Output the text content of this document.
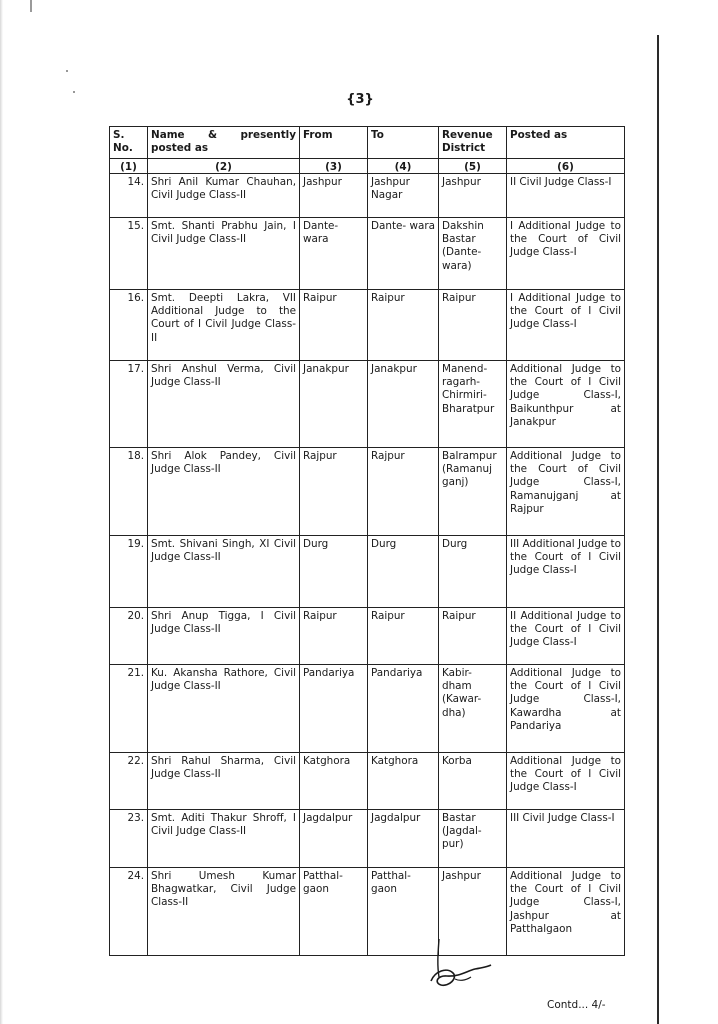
{3}
S. No.	Name & presently posted as	From	To	Revenue District	Posted as
(1)	(2)	(3)	(4)	(5)	(6)
14.	Shri Anil Kumar Chauhan, Civil Judge Class-II	Jashpur	Jashpur Nagar	Jashpur	II Civil Judge Class-I
15.	Smt. Shanti Prabhu Jain, I Civil Judge Class-II	Dante- wara	Dante- wara	Dakshin Bastar (Dante- wara)	I Additional Judge to the Court of Civil Judge Class-I
16.	Smt. Deepti Lakra, VII Additional Judge to the Court of I Civil Judge Class-II	Raipur	Raipur	Raipur	I Additional Judge to the Court of I Civil Judge Class-I
17.	Shri Anshul Verma, Civil Judge Class-II	Janakpur	Janakpur	Manend- ragarh- Chirmiri- Bharatpur	Additional Judge to the Court of I Civil Judge Class-I, Baikunthpur at Janakpur
18.	Shri Alok Pandey, Civil Judge Class-II	Rajpur	Rajpur	Balrampur (Ramanuj ganj)	Additional Judge to the Court of Civil Judge Class-I, Ramanujganj at Rajpur
19.	Smt. Shivani Singh, XI Civil Judge Class-II	Durg	Durg	Durg	III Additional Judge to the Court of I Civil Judge Class-I
20.	Shri Anup Tigga, I Civil Judge Class-II	Raipur	Raipur	Raipur	II Additional Judge to the Court of I Civil Judge Class-I
21.	Ku. Akansha Rathore, Civil Judge Class-II	Pandariya	Pandariya	Kabir- dham (Kawar- dha)	Additional Judge to the Court of I Civil Judge Class-I, Kawardha at Pandariya
22.	Shri Rahul Sharma, Civil Judge Class-II	Katghora	Katghora	Korba	Additional Judge to the Court of I Civil Judge Class-I
23.	Smt. Aditi Thakur Shroff, I Civil Judge Class-II	Jagdalpur	Jagdalpur	Bastar (Jagdal- pur)	III Civil Judge Class-I
24.	Shri Umesh Kumar Bhagwatkar, Civil Judge Class-II	Patthal- gaon	Patthal- gaon	Jashpur	Additional Judge to the Court of I Civil Judge Class-I, Jashpur at Patthalgaon
Contd... 4/-
